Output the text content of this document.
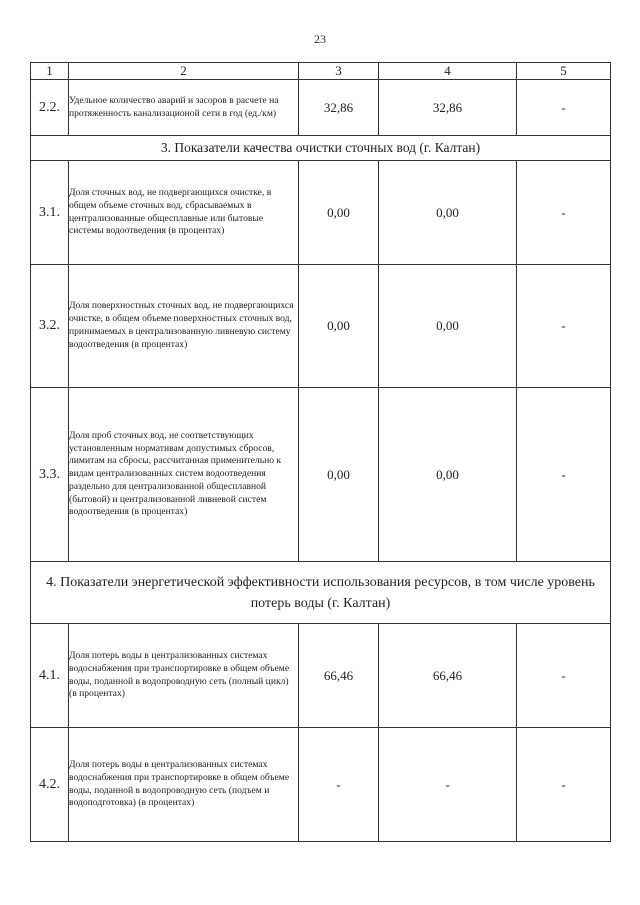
23
1	2	3	4	5
2.2.	Удельное количество аварий и засоров в расчете на протяженность канализационой сети в год (ед./км)	32,86	32,86	-
3. Показатели качества очистки сточных вод (г. Калтан)				
3.1.	Доля сточных вод, не подвергающихся очистке, в общем объеме сточных вод, сбрасываемых в централизованные общесплавные или бытовые системы водоотведения (в процентах)	0,00	0,00	-
3.2.	Доля поверхностных сточных вод, не подвергающихся очистке, в общем объеме поверхностных сточных вод, принимаемых в централизованную ливневую систему водоотведения (в процентах)	0,00	0,00	-
3.3.	Доля проб сточных вод, не соответствующих установленным нормативам допустимых сбросов, лимитам на сбросы, рассчитанная применительно к видам централизованных систем водоотведения раздельно для централизованной общесплавной (бытовой) и централизованной ливневой систем водоотведения (в процентах)	0,00	0,00	-
4. Показатели энергетической эффективности использования ресурсов, в том числе уровень потерь воды (г. Калтан)				
4.1.	Доля потерь воды в централизованных системах водоснабжения при транспортировке в общем объеме воды, поданной в водопроводную сеть (полный цикл) (в процентах)	66,46	66,46	-
4.2.	Доля потерь воды в централизованных системах водоснабжения при транспортировке в общем объеме воды, поданной в водопроводную сеть (подъем и водоподготовка) (в процентах)	-	-	-
